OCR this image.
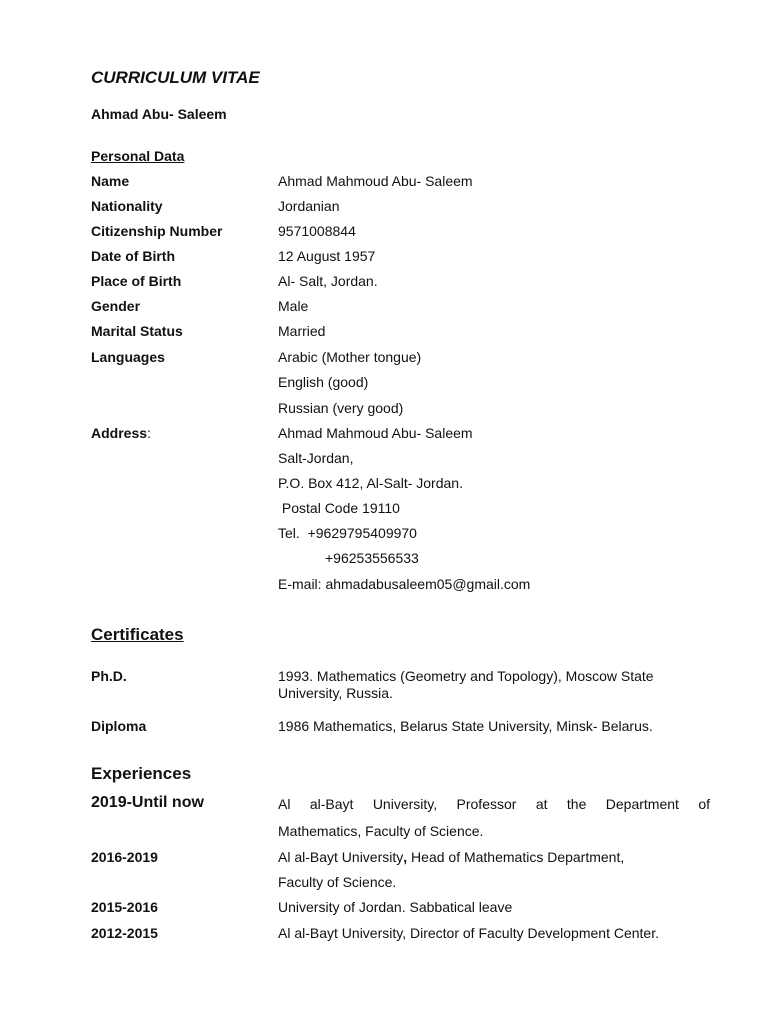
CURRICULUM VITAE
Ahmad Abu- Saleem
Personal Data
Name	Ahmad Mahmoud Abu- Saleem
Nationality	Jordanian
Citizenship Number	9571008844
Date of Birth	12 August 1957
Place of Birth	Al- Salt, Jordan.
Gender	Male
Marital Status	Married
Languages	Arabic (Mother tongue)
English (good)
Russian (very good)
Address:	Ahmad Mahmoud Abu- Saleem
Salt-Jordan,
P.O. Box 412, Al-Salt- Jordan.
Postal Code 19110
Tel.  +9629795409970
+96253556533
E-mail: ahmadabusaleem05@gmail.com
Certificates
Ph.D.	1993. Mathematics (Geometry and Topology), Moscow State University, Russia.
Diploma	1986 Mathematics, Belarus State University, Minsk- Belarus.
Experiences
2019-Until now	Al al-Bayt University, Professor at the Department of
Mathematics, Faculty of Science.
2016-2019	Al al-Bayt University, Head of Mathematics Department,
Faculty of Science.
2015-2016	University of Jordan. Sabbatical leave
2012-2015	Al al-Bayt University, Director of Faculty Development Center.
